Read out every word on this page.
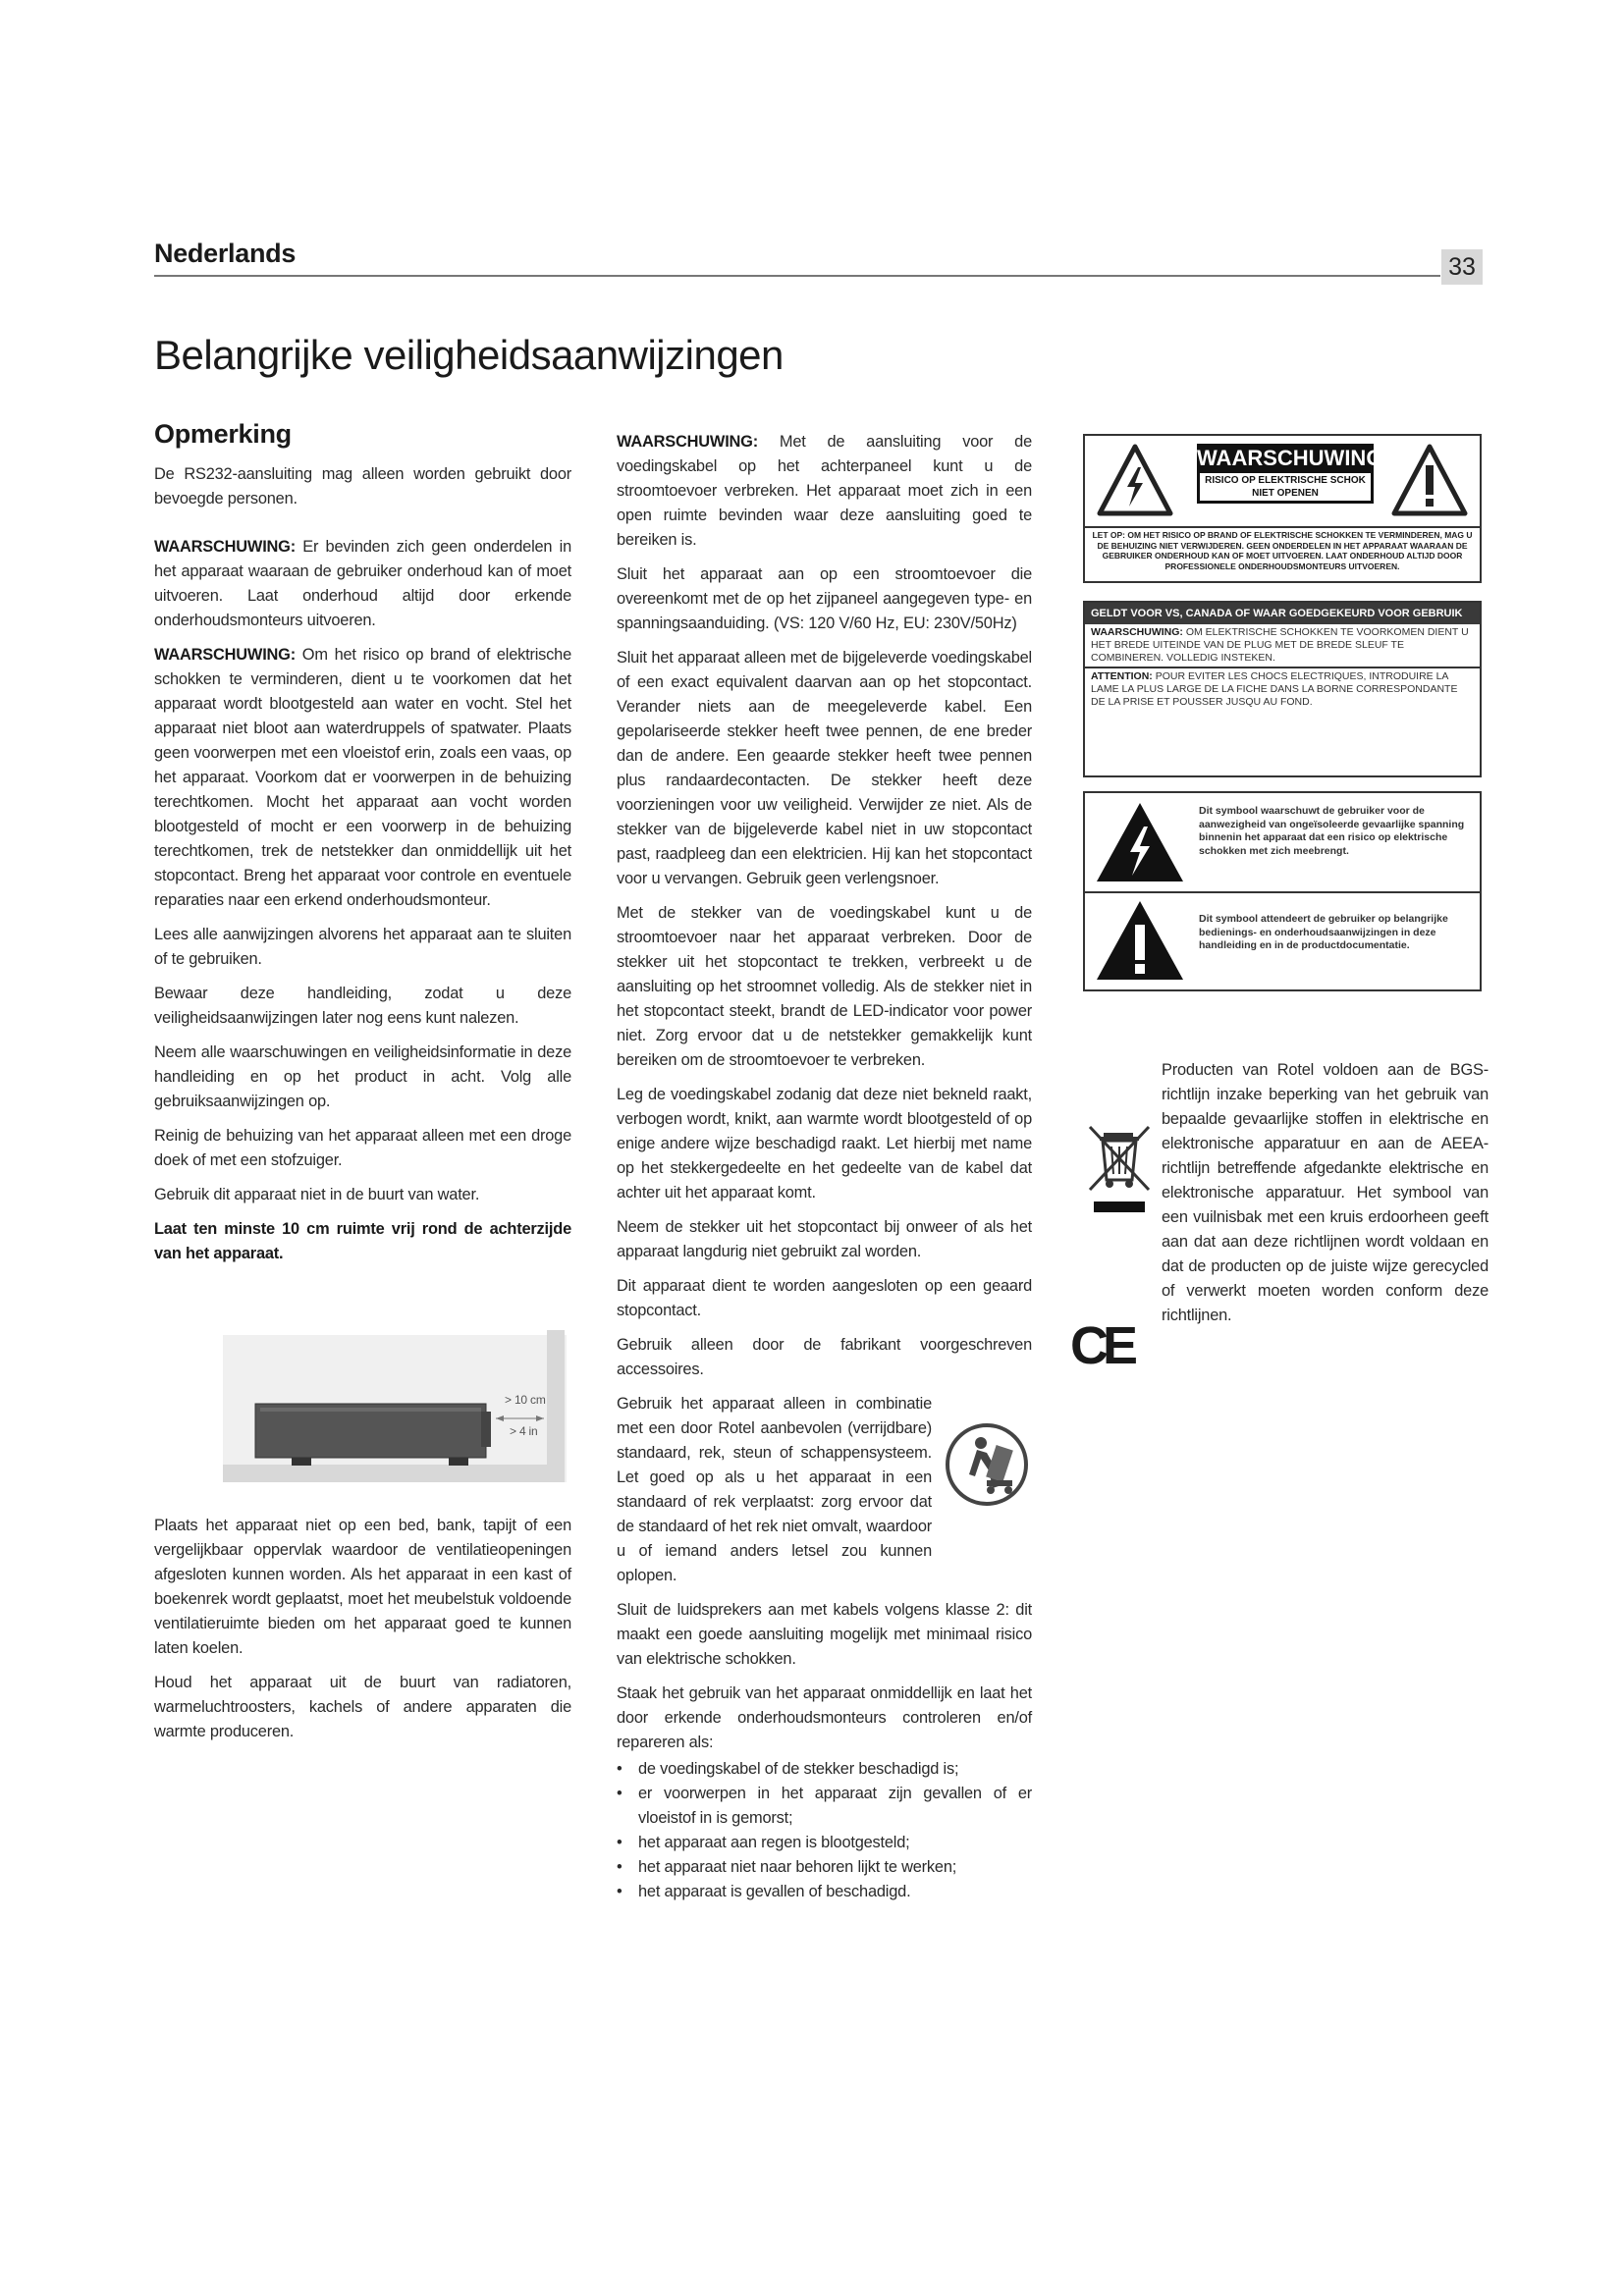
Nederlands	33
Belangrijke veiligheidsaanwijzingen
Opmerking

De RS232-aansluiting mag alleen worden gebruikt door bevoegde personen.

WAARSCHUWING: Er bevinden zich geen onderdelen in het apparaat waaraan de gebruiker onderhoud kan of moet uitvoeren. Laat onderhoud altijd door erkende onderhoudsmonteurs uitvoeren.

WAARSCHUWING: Om het risico op brand of elektrische schokken te verminderen, dient u te voorkomen dat het apparaat wordt blootgesteld aan water en vocht. Stel het apparaat niet bloot aan waterdruppels of spatwater. Plaats geen voorwerpen met een vloeistof erin, zoals een vaas, op het apparaat. Voorkom dat er voorwerpen in de behuizing terechtkomen. Mocht het apparaat aan vocht worden blootgesteld of mocht er een voorwerp in de behuizing terechtkomen, trek de netstekker dan onmiddellijk uit het stopcontact. Breng het apparaat voor controle en eventuele reparaties naar een erkend onderhoudsmonteur.

Lees alle aanwijzingen alvorens het apparaat aan te sluiten of te gebruiken.

Bewaar deze handleiding, zodat u deze veiligheidsaanwijzingen later nog eens kunt nalezen.

Neem alle waarschuwingen en veiligheidsinformatie in deze handleiding en op het product in acht. Volg alle gebruiksaanwijzingen op.

Reinig de behuizing van het apparaat alleen met een droge doek of met een stofzuiger.

Gebruik dit apparaat niet in de buurt van water.

Laat ten minste 10 cm ruimte vrij rond de achterzijde van het apparaat.

> 10 cm
> 4 in

Plaats het apparaat niet op een bed, bank, tapijt of een vergelijkbaar oppervlak waardoor de ventilatieopeningen afgesloten kunnen worden. Als het apparaat in een kast of boekenrek wordt geplaatst, moet het meubelstuk voldoende ventilatieruimte bieden om het apparaat goed te kunnen laten koelen.

Houd het apparaat uit de buurt van radiatoren, warmeluchtroosters, kachels of andere apparaten die warmte produceren.

WAARSCHUWING: Met de aansluiting voor de voedingskabel op het achterpaneel kunt u de stroomtoevoer verbreken. Het apparaat moet zich in een open ruimte bevinden waar deze aansluiting goed te bereiken is.

Sluit het apparaat aan op een stroomtoevoer die overeenkomt met de op het zijpaneel aangegeven type- en spanningsaanduiding. (VS: 120 V/60 Hz, EU: 230V/50Hz)

Sluit het apparaat alleen met de bijgeleverde voedingskabel of een exact equivalent daarvan aan op het stopcontact. Verander niets aan de meegeleverde kabel. Een gepolariseerde stekker heeft twee pennen, de ene breder dan de andere. Een geaarde stekker heeft twee pennen plus randaardecontacten. De stekker heeft deze voorzieningen voor uw veiligheid. Verwijder ze niet. Als de stekker van de bijgeleverde kabel niet in uw stopcontact past, raadpleeg dan een elektricien. Hij kan het stopcontact voor u vervangen. Gebruik geen verlengsnoer.

Met de stekker van de voedingskabel kunt u de stroomtoevoer naar het apparaat verbreken. Door de stekker uit het stopcontact te trekken, verbreekt u de aansluiting op het stroomnet volledig. Als de stekker niet in het stopcontact steekt, brandt de LED-indicator voor power niet. Zorg ervoor dat u de netstekker gemakkelijk kunt bereiken om de stroomtoevoer te verbreken.

Leg de voedingskabel zodanig dat deze niet bekneld raakt, verbogen wordt, knikt, aan warmte wordt blootgesteld of op enige andere wijze beschadigd raakt. Let hierbij met name op het stekkergedeelte en het gedeelte van de kabel dat achter uit het apparaat komt.

Neem de stekker uit het stopcontact bij onweer of als het apparaat langdurig niet gebruikt zal worden.

Dit apparaat dient te worden aangesloten op een geaard stopcontact.

Gebruik alleen door de fabrikant voorgeschreven accessoires.

Gebruik het apparaat alleen in combinatie met een door Rotel aanbevolen (verrijdbare) standaard, rek, steun of schappensysteem. Let goed op als u het apparaat in een standaard of rek verplaatst: zorg ervoor dat de standaard of het rek niet omvalt, waardoor u of iemand anders letsel zou kunnen oplopen.

Sluit de luidsprekers aan met kabels volgens klasse 2: dit maakt een goede aansluiting mogelijk met minimaal risico van elektrische schokken.

Staak het gebruik van het apparaat onmiddellijk en laat het door erkende onderhoudsmonteurs controleren en/of repareren als:

• de voedingskabel of de stekker beschadigd is;
• er voorwerpen in het apparaat zijn gevallen of er vloeistof in is gemorst;
• het apparaat aan regen is blootgesteld;
• het apparaat niet naar behoren lijkt te werken;
• het apparaat is gevallen of beschadigd.
WAARSCHUWING
RISICO OP ELEKTRISCHE SCHOK
NIET OPENEN
LET OP: OM HET RISICO OP BRAND OF ELEKTRISCHE SCHOKKEN TE VERMINDEREN, MAG U DE BEHUIZING NIET VERWIJDEREN. GEEN ONDERDELEN IN HET APPARAAT WAARAAN DE GEBRUIKER ONDERHOUD KAN OF MOET UITVOEREN. LAAT ONDERHOUD ALTIJD DOOR PROFESSIONELE ONDERHOUDSMONTEURS UITVOEREN.
GELDT VOOR VS, CANADA OF WAAR GOEDGEKEURD VOOR GEBRUIK
WAARSCHUWING: OM ELEKTRISCHE SCHOKKEN TE VOORKOMEN DIENT U HET BREDE UITEINDE VAN DE PLUG MET DE BREDE SLEUF TE COMBINEREN. VOLLEDIG INSTEKEN.
ATTENTION: POUR EVITER LES CHOCS ELECTRIQUES, INTRODUIRE LA LAME LA PLUS LARGE DE LA FICHE DANS LA BORNE CORRESPONDANTE DE LA PRISE ET POUSSER JUSQU AU FOND.
Dit symbool waarschuwt de gebruiker voor de aanwezigheid van ongeïsoleerde gevaarlijke spanning binnenin het apparaat dat een risico op elektrische schokken met zich meebrengt.
Dit symbool attendeert de gebruiker op belangrijke bedienings- en onderhoudsaanwijzingen in deze handleiding en in de productdocumentatie.

Producten van Rotel voldoen aan de BGS-richtlijn inzake beperking van het gebruik van bepaalde gevaarlijke stoffen in elektrische en elektronische apparatuur en aan de AEEA-richtlijn betreffende afgedankte elektrische en elektronische apparatuur. Het symbool van een vuilnisbak met een kruis erdoorheen geeft aan dat aan deze richtlijnen wordt voldaan en dat de producten op de juiste wijze gerecycled of verwerkt moeten worden conform deze richtlijnen.

CE
